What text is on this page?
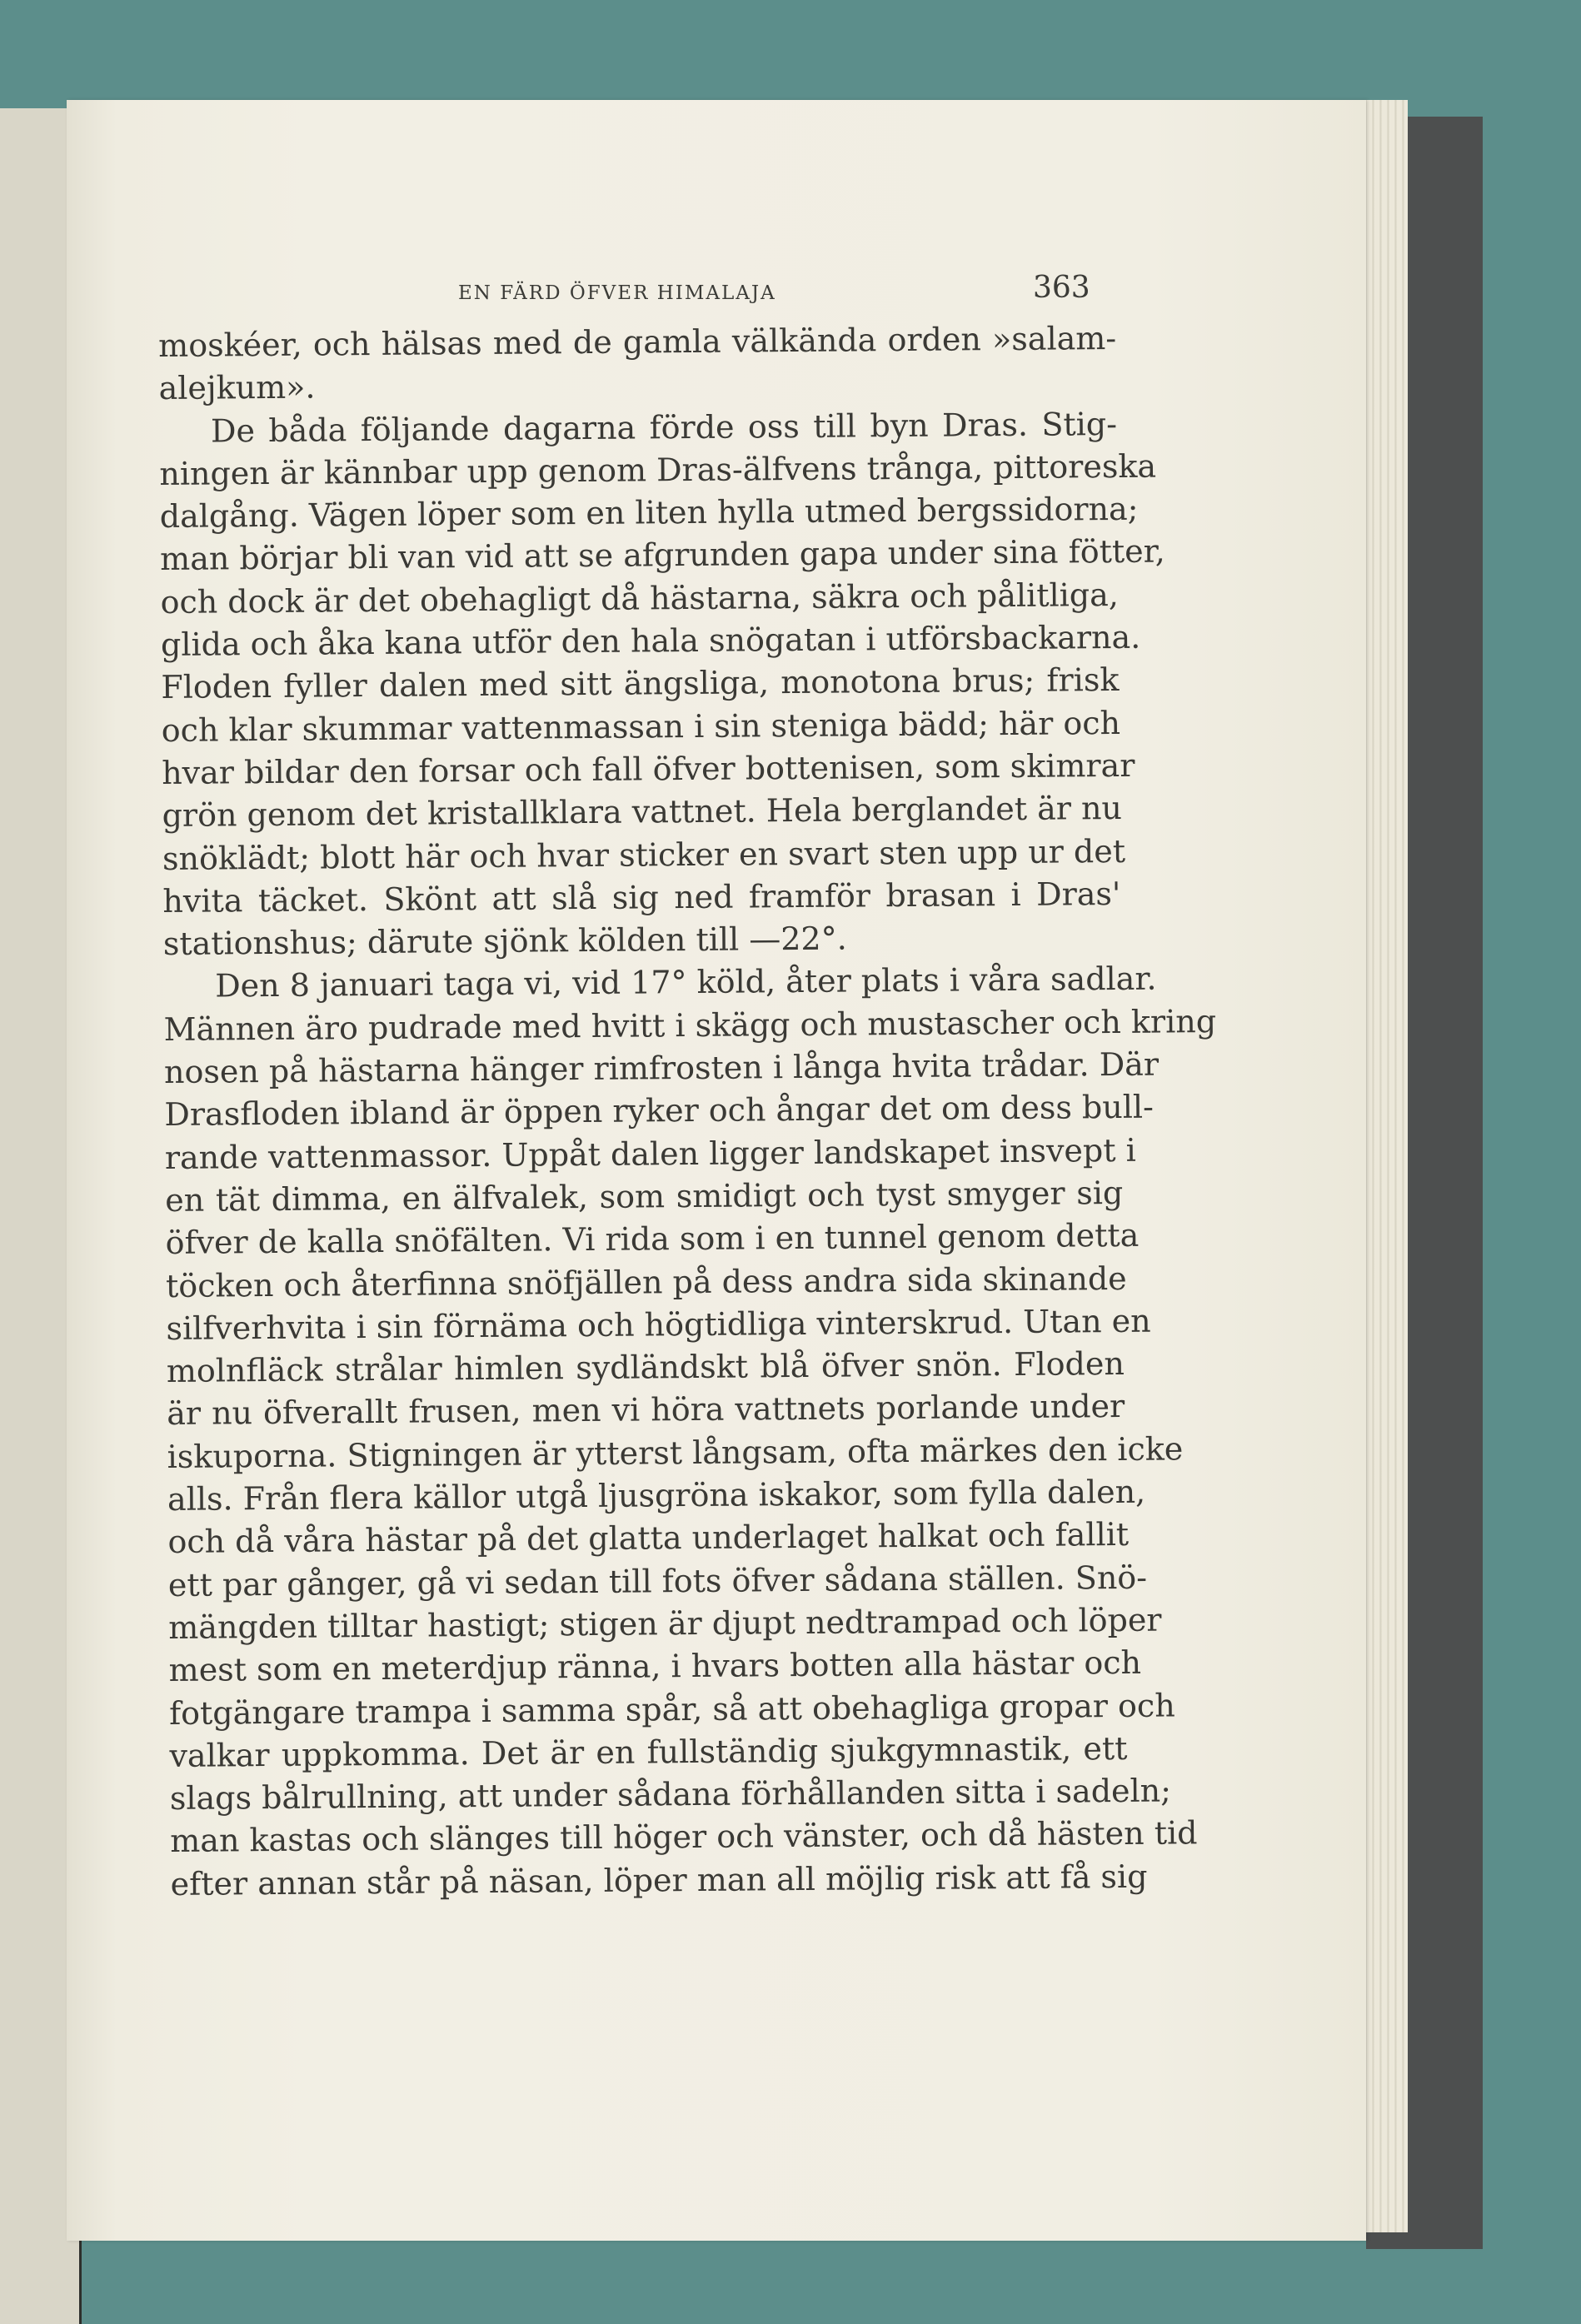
EN FÄRD ÖFVER HIMALAJA	363
moskéer, och hälsas med de gamla välkända orden »salam-
alejkum».
De båda följande dagarna förde oss till byn Dras. Stig-
ningen är kännbar upp genom Dras-älfvens trånga, pittoreska
dalgång. Vägen löper som en liten hylla utmed bergssidorna;
man börjar bli van vid att se afgrunden gapa under sina fötter,
och dock är det obehagligt då hästarna, säkra och pålitliga,
glida och åka kana utför den hala snögatan i utförsbackarna.
Floden fyller dalen med sitt ängsliga, monotona brus; frisk
och klar skummar vattenmassan i sin steniga bädd; här och
hvar bildar den forsar och fall öfver bottenisen, som skimrar
grön genom det kristallklara vattnet. Hela berglandet är nu
snöklädt; blott här och hvar sticker en svart sten upp ur det
hvita täcket. Skönt att slå sig ned framför brasan i Dras'
stationshus; därute sjönk kölden till —22°.
Den 8 januari taga vi, vid 17° köld, åter plats i våra sadlar.
Männen äro pudrade med hvitt i skägg och mustascher och kring
nosen på hästarna hänger rimfrosten i långa hvita trådar. Där
Drasfloden ibland är öppen ryker och ångar det om dess bull-
rande vattenmassor. Uppåt dalen ligger landskapet insvept i
en tät dimma, en älfvalek, som smidigt och tyst smyger sig
öfver de kalla snöfälten. Vi rida som i en tunnel genom detta
töcken och återfinna snöfjällen på dess andra sida skinande
silfverhvita i sin förnäma och högtidliga vinterskrud. Utan en
molnfläck strålar himlen sydländskt blå öfver snön. Floden
är nu öfverallt frusen, men vi höra vattnets porlande under
iskuporna. Stigningen är ytterst långsam, ofta märkes den icke
alls. Från flera källor utgå ljusgröna iskakor, som fylla dalen,
och då våra hästar på det glatta underlaget halkat och fallit
ett par gånger, gå vi sedan till fots öfver sådana ställen. Snö-
mängden tilltar hastigt; stigen är djupt nedtrampad och löper
mest som en meterdjup ränna, i hvars botten alla hästar och
fotgängare trampa i samma spår, så att obehagliga gropar och
valkar uppkomma. Det är en fullständig sjukgymnastik, ett
slags bålrullning, att under sådana förhållanden sitta i sadeln;
man kastas och slänges till höger och vänster, och då hästen tid
efter annan står på näsan, löper man all möjlig risk att få sig
